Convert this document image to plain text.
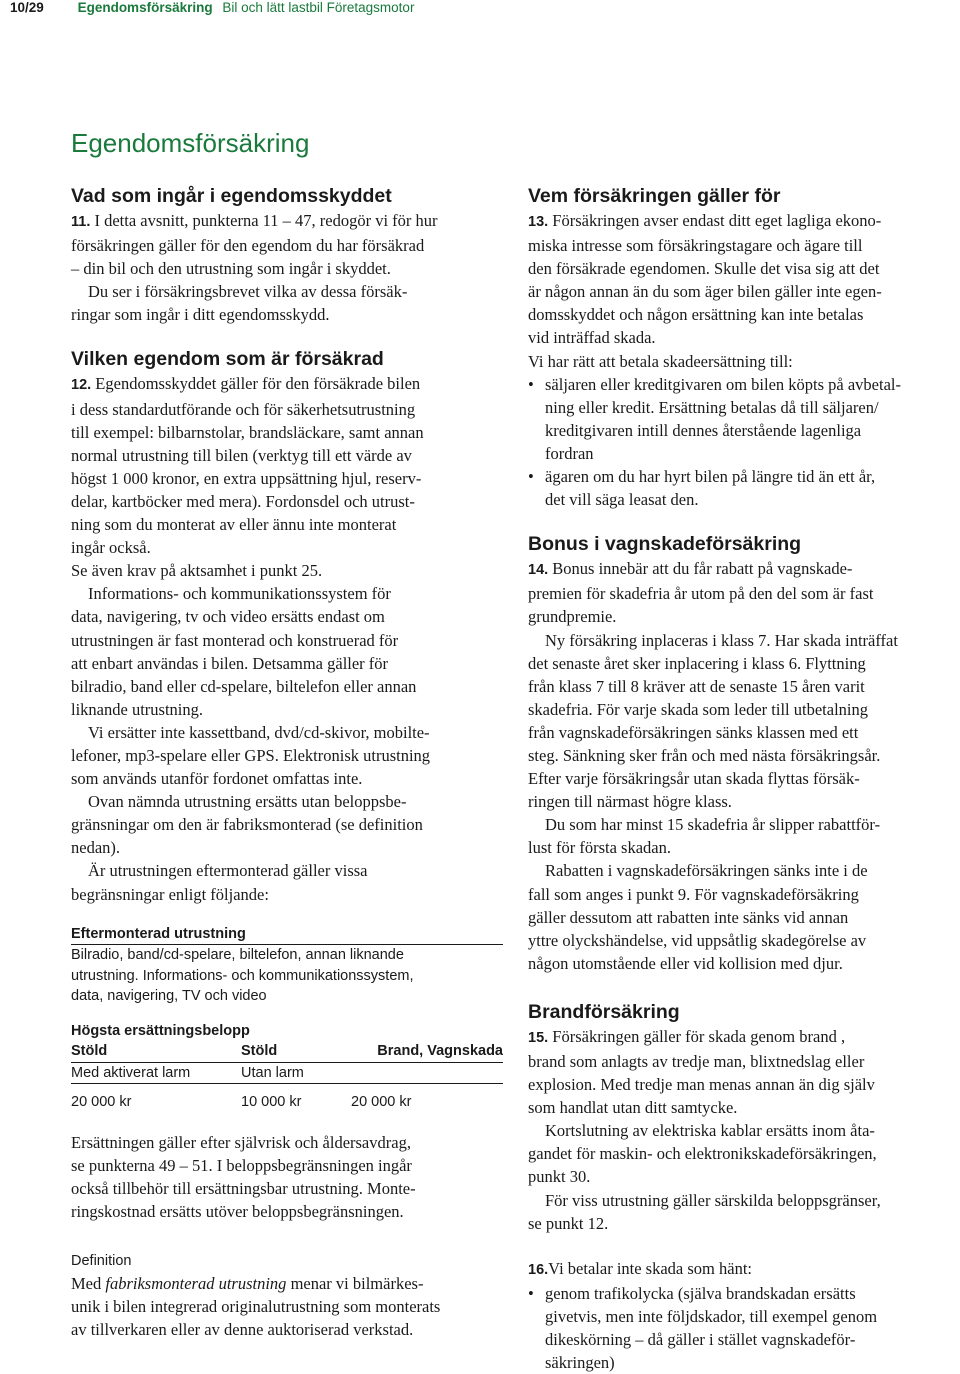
10/29	Egendomsförsäkring Bil och lätt lastbil Företagsmotor
Egendomsförsäkring
Vad som ingår i egendomsskyddet
11. I detta avsnitt, punkterna 11 – 47, redogör vi för hur
försäkringen gäller för den egendom du har försäkrad
– din bil och den utrustning som ingår i skyddet.
Du ser i försäkringsbrevet vilka av dessa försäk-
ringar som ingår i ditt egendomsskydd.
Vilken egendom som är försäkrad
12. Egendomsskyddet gäller för den försäkrade bilen
i dess standardutförande och för säkerhetsutrustning
till exempel: bilbarnstolar, brandsläckare, samt annan
normal utrustning till bilen (verktyg till ett värde av
högst 1 000 kronor, en extra uppsättning hjul, reserv-
delar, kartböcker med mera). Fordonsdel och utrust-
ning som du monterat av eller ännu inte monterat
ingår också.
Se även krav på aktsamhet i punkt 25.
Informations- och kommunikationssystem för
data, navigering, tv och video ersätts endast om
utrustningen är fast monterad och konstruerad för
att enbart användas i bilen. Detsamma gäller för
bilradio, band eller cd-spelare, biltelefon eller annan
liknande utrustning.
Vi ersätter inte kassettband, dvd/cd-skivor, mobilte-
lefoner, mp3-spelare eller GPS. Elektronisk utrustning
som används utanför fordonet omfattas inte.
Ovan nämnda utrustning ersätts utan beloppsbe-
gränsningar om den är fabriksmonterad (se definition
nedan).
Är utrustningen eftermonterad gäller vissa
begränsningar enligt följande:
Eftermonterad utrustning
Bilradio, band/cd-spelare, biltelefon, annan liknande
utrustning. Informations- och kommunikationssystem,
data, navigering, TV och video
Högsta ersättningsbelopp
Stöld	Stöld	Brand, Vagnskada
Med aktiverat larm	Utan larm
20 000 kr	10 000 kr	20 000 kr
Ersättningen gäller efter självrisk och åldersavdrag,
se punkterna 49 – 51. I beloppsbegränsningen ingår
också tillbehör till ersättningsbar utrustning. Monte-
ringskostnad ersätts utöver beloppsbegränsningen.
Definition
Med fabriksmonterad utrustning menar vi bilmärkes-
unik i bilen integrerad originalutrustning som monterats
av tillverkaren eller av denne auktoriserad verkstad.
Vem försäkringen gäller för
13. Försäkringen avser endast ditt eget lagliga ekono-
miska intresse som försäkringstagare och ägare till
den försäkrade egendomen. Skulle det visa sig att det
är någon annan än du som äger bilen gäller inte egen-
domsskyddet och någon ersättning kan inte betalas
vid inträffad skada.
Vi har rätt att betala skadeersättning till:
• säljaren eller kreditgivaren om bilen köpts på avbetal-
ning eller kredit. Ersättning betalas då till säljaren/
kreditgivaren intill dennes återstående lagenliga
fordran
• ägaren om du har hyrt bilen på längre tid än ett år,
det vill säga leasat den.
Bonus i vagnskadeförsäkring
14. Bonus innebär att du får rabatt på vagnskade-
premien för skadefria år utom på den del som är fast
grundpremie.
Ny försäkring inplaceras i klass 7. Har skada inträffat
det senaste året sker inplacering i klass 6. Flyttning
från klass 7 till 8 kräver att de senaste 15 åren varit
skadefria. För varje skada som leder till utbetalning
från vagnskadeförsäkringen sänks klassen med ett
steg. Sänkning sker från och med nästa försäkringsår.
Efter varje försäkringsår utan skada flyttas försäk-
ringen till närmast högre klass.
Du som har minst 15 skadefria år slipper rabattför-
lust för första skadan.
Rabatten i vagnskadeförsäkringen sänks inte i de
fall som anges i punkt 9. För vagnskadeförsäkring
gäller dessutom att rabatten inte sänks vid annan
yttre olyckshändelse, vid uppsåtlig skadegörelse av
någon utomstående eller vid kollision med djur.
Brandförsäkring
15. Försäkringen gäller för skada genom brand ,
brand som anlagts av tredje man, blixtnedslag eller
explosion. Med tredje man menas annan än dig själv
som handlat utan ditt samtycke.
Kortslutning av elektriska kablar ersätts inom åta-
gandet för maskin- och elektronikskadeförsäkringen,
punkt 30.
För viss utrustning gäller särskilda beloppsgränser,
se punkt 12.
16.Vi betalar inte skada som hänt:
• genom trafikolycka (själva brandskadan ersätts
givetvis, men inte följdskador, till exempel genom
dikeskörning – då gäller i stället vagnskadeför-
säkringen)
